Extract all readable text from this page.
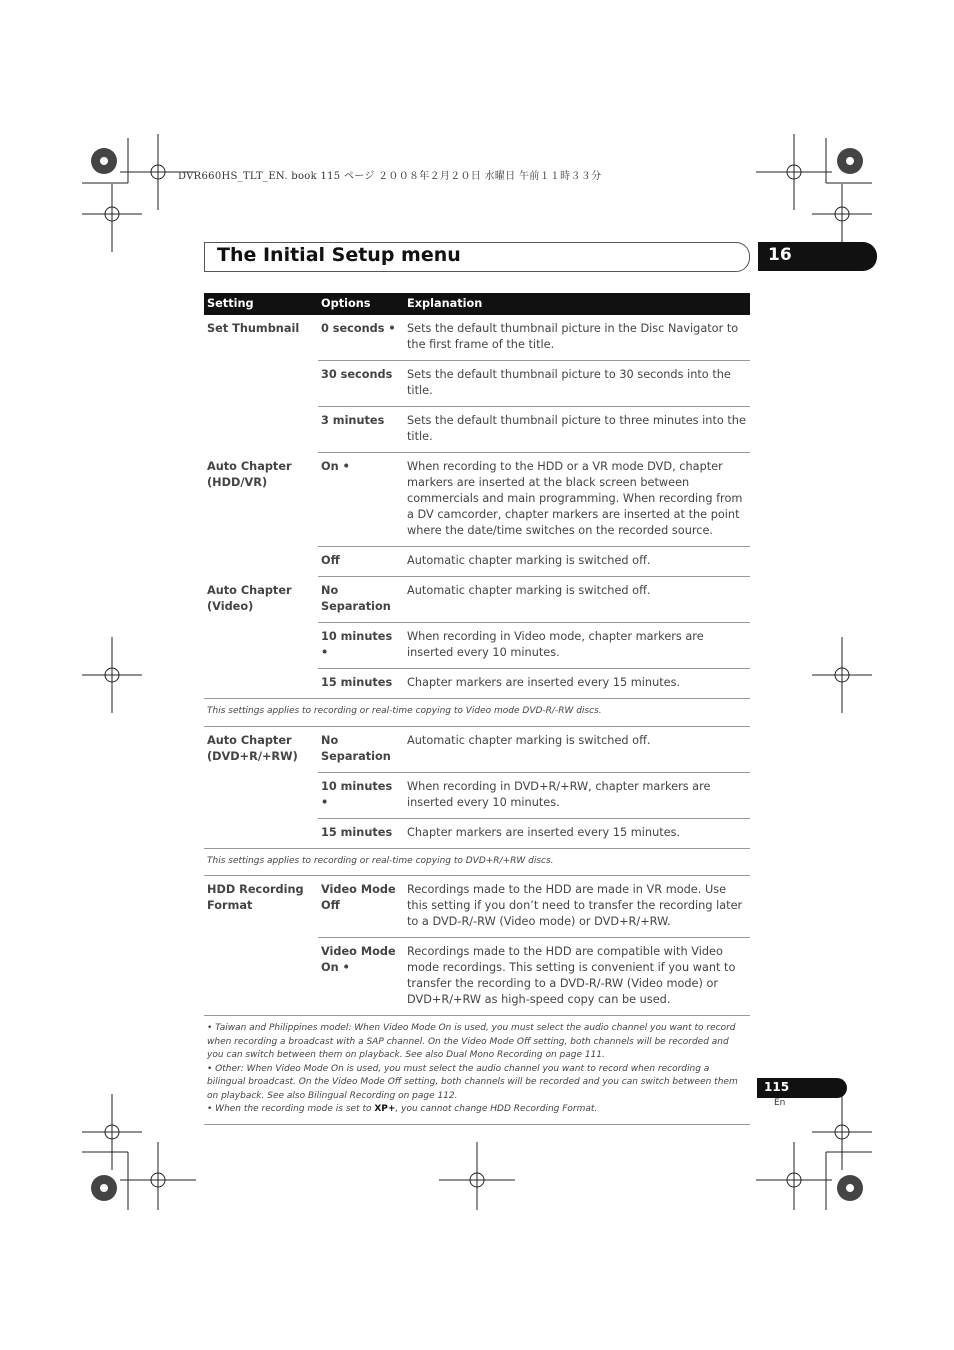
DVR660HS_TLT_EN. book 115 ページ ２００８年２月２０日 水曜日 午前１１時３３分
The Initial Setup menu	16
Setting	Options	Explanation
Set Thumbnail	0 seconds •	Sets the default thumbnail picture in the Disc Navigator to the first frame of the title.
	30 seconds	Sets the default thumbnail picture to 30 seconds into the title.
	3 minutes	Sets the default thumbnail picture to three minutes into the title.
Auto Chapter (HDD/VR)	On •	When recording to the HDD or a VR mode DVD, chapter markers are inserted at the black screen between commercials and main programming. When recording from a DV camcorder, chapter markers are inserted at the point where the date/time switches on the recorded source.
	Off	Automatic chapter marking is switched off.
Auto Chapter (Video)	No Separation	Automatic chapter marking is switched off.
	10 minutes •	When recording in Video mode, chapter markers are inserted every 10 minutes.
	15 minutes	Chapter markers are inserted every 15 minutes.
This settings applies to recording or real-time copying to Video mode DVD-R/-RW discs.		
Auto Chapter (DVD+R/+RW)	No Separation	Automatic chapter marking is switched off.
	10 minutes •	When recording in DVD+R/+RW, chapter markers are inserted every 10 minutes.
	15 minutes	Chapter markers are inserted every 15 minutes.
This settings applies to recording or real-time copying to DVD+R/+RW discs.		
HDD Recording Format	Video Mode Off	Recordings made to the HDD are made in VR mode. Use this setting if you don’t need to transfer the recording later to a DVD-R/-RW (Video mode) or DVD+R/+RW.
	Video Mode On •	Recordings made to the HDD are compatible with Video mode recordings. This setting is convenient if you want to transfer the recording to a DVD-R/-RW (Video mode) or DVD+R/+RW as high-speed copy can be used.

• Taiwan and Philippines model: When Video Mode On is used, you must select the audio channel you want to record when recording a broadcast with a SAP channel. On the Video Mode Off setting, both channels will be recorded and you can switch between them on playback. See also Dual Mono Recording on page 111.
• Other: When Video Mode On is used, you must select the audio channel you want to record when recording a bilingual broadcast. On the Video Mode Off setting, both channels will be recorded and you can switch between them on playback. See also Bilingual Recording on page 112.
• When the recording mode is set to XP+, you cannot change HDD Recording Format.		
115
En
